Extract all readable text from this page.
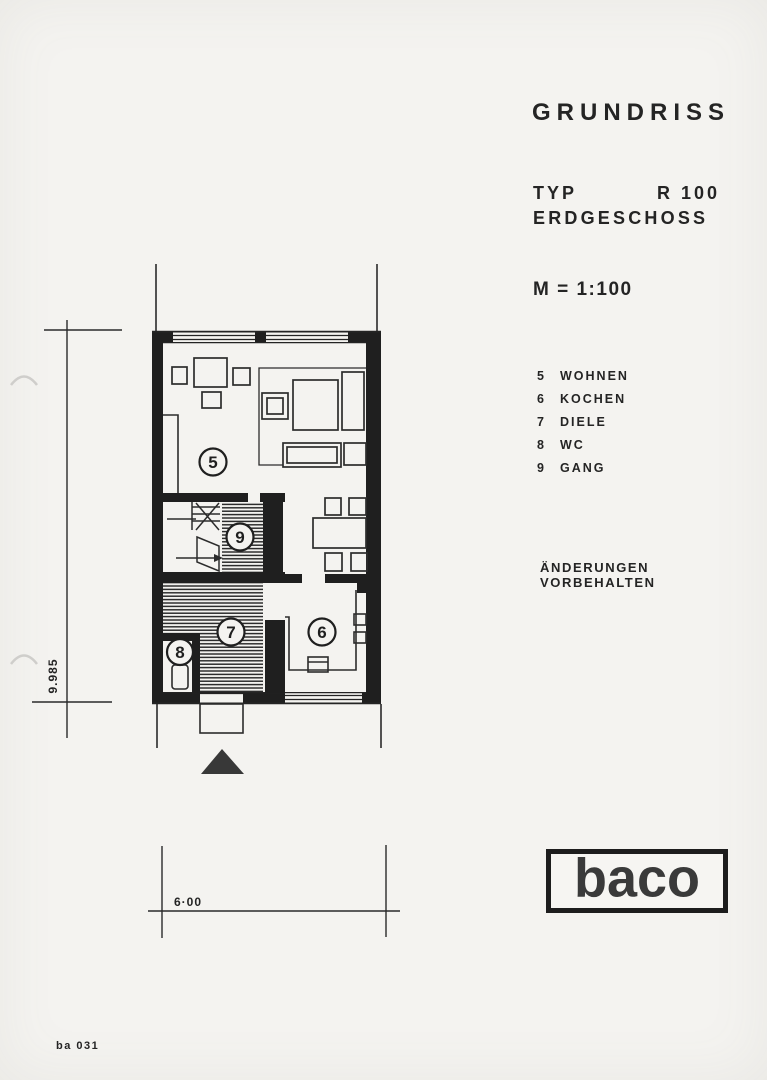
5
9
7
8
6
9.985
6·00
GRUNDRISS
TYP	R 100
ERDGESCHOSS
M = 1:100
5	WOHNEN
6	KOCHEN
7	DIELE
8	WC
9	GANG
ÄNDERUNGEN VORBEHALTEN
baco
ba 031
